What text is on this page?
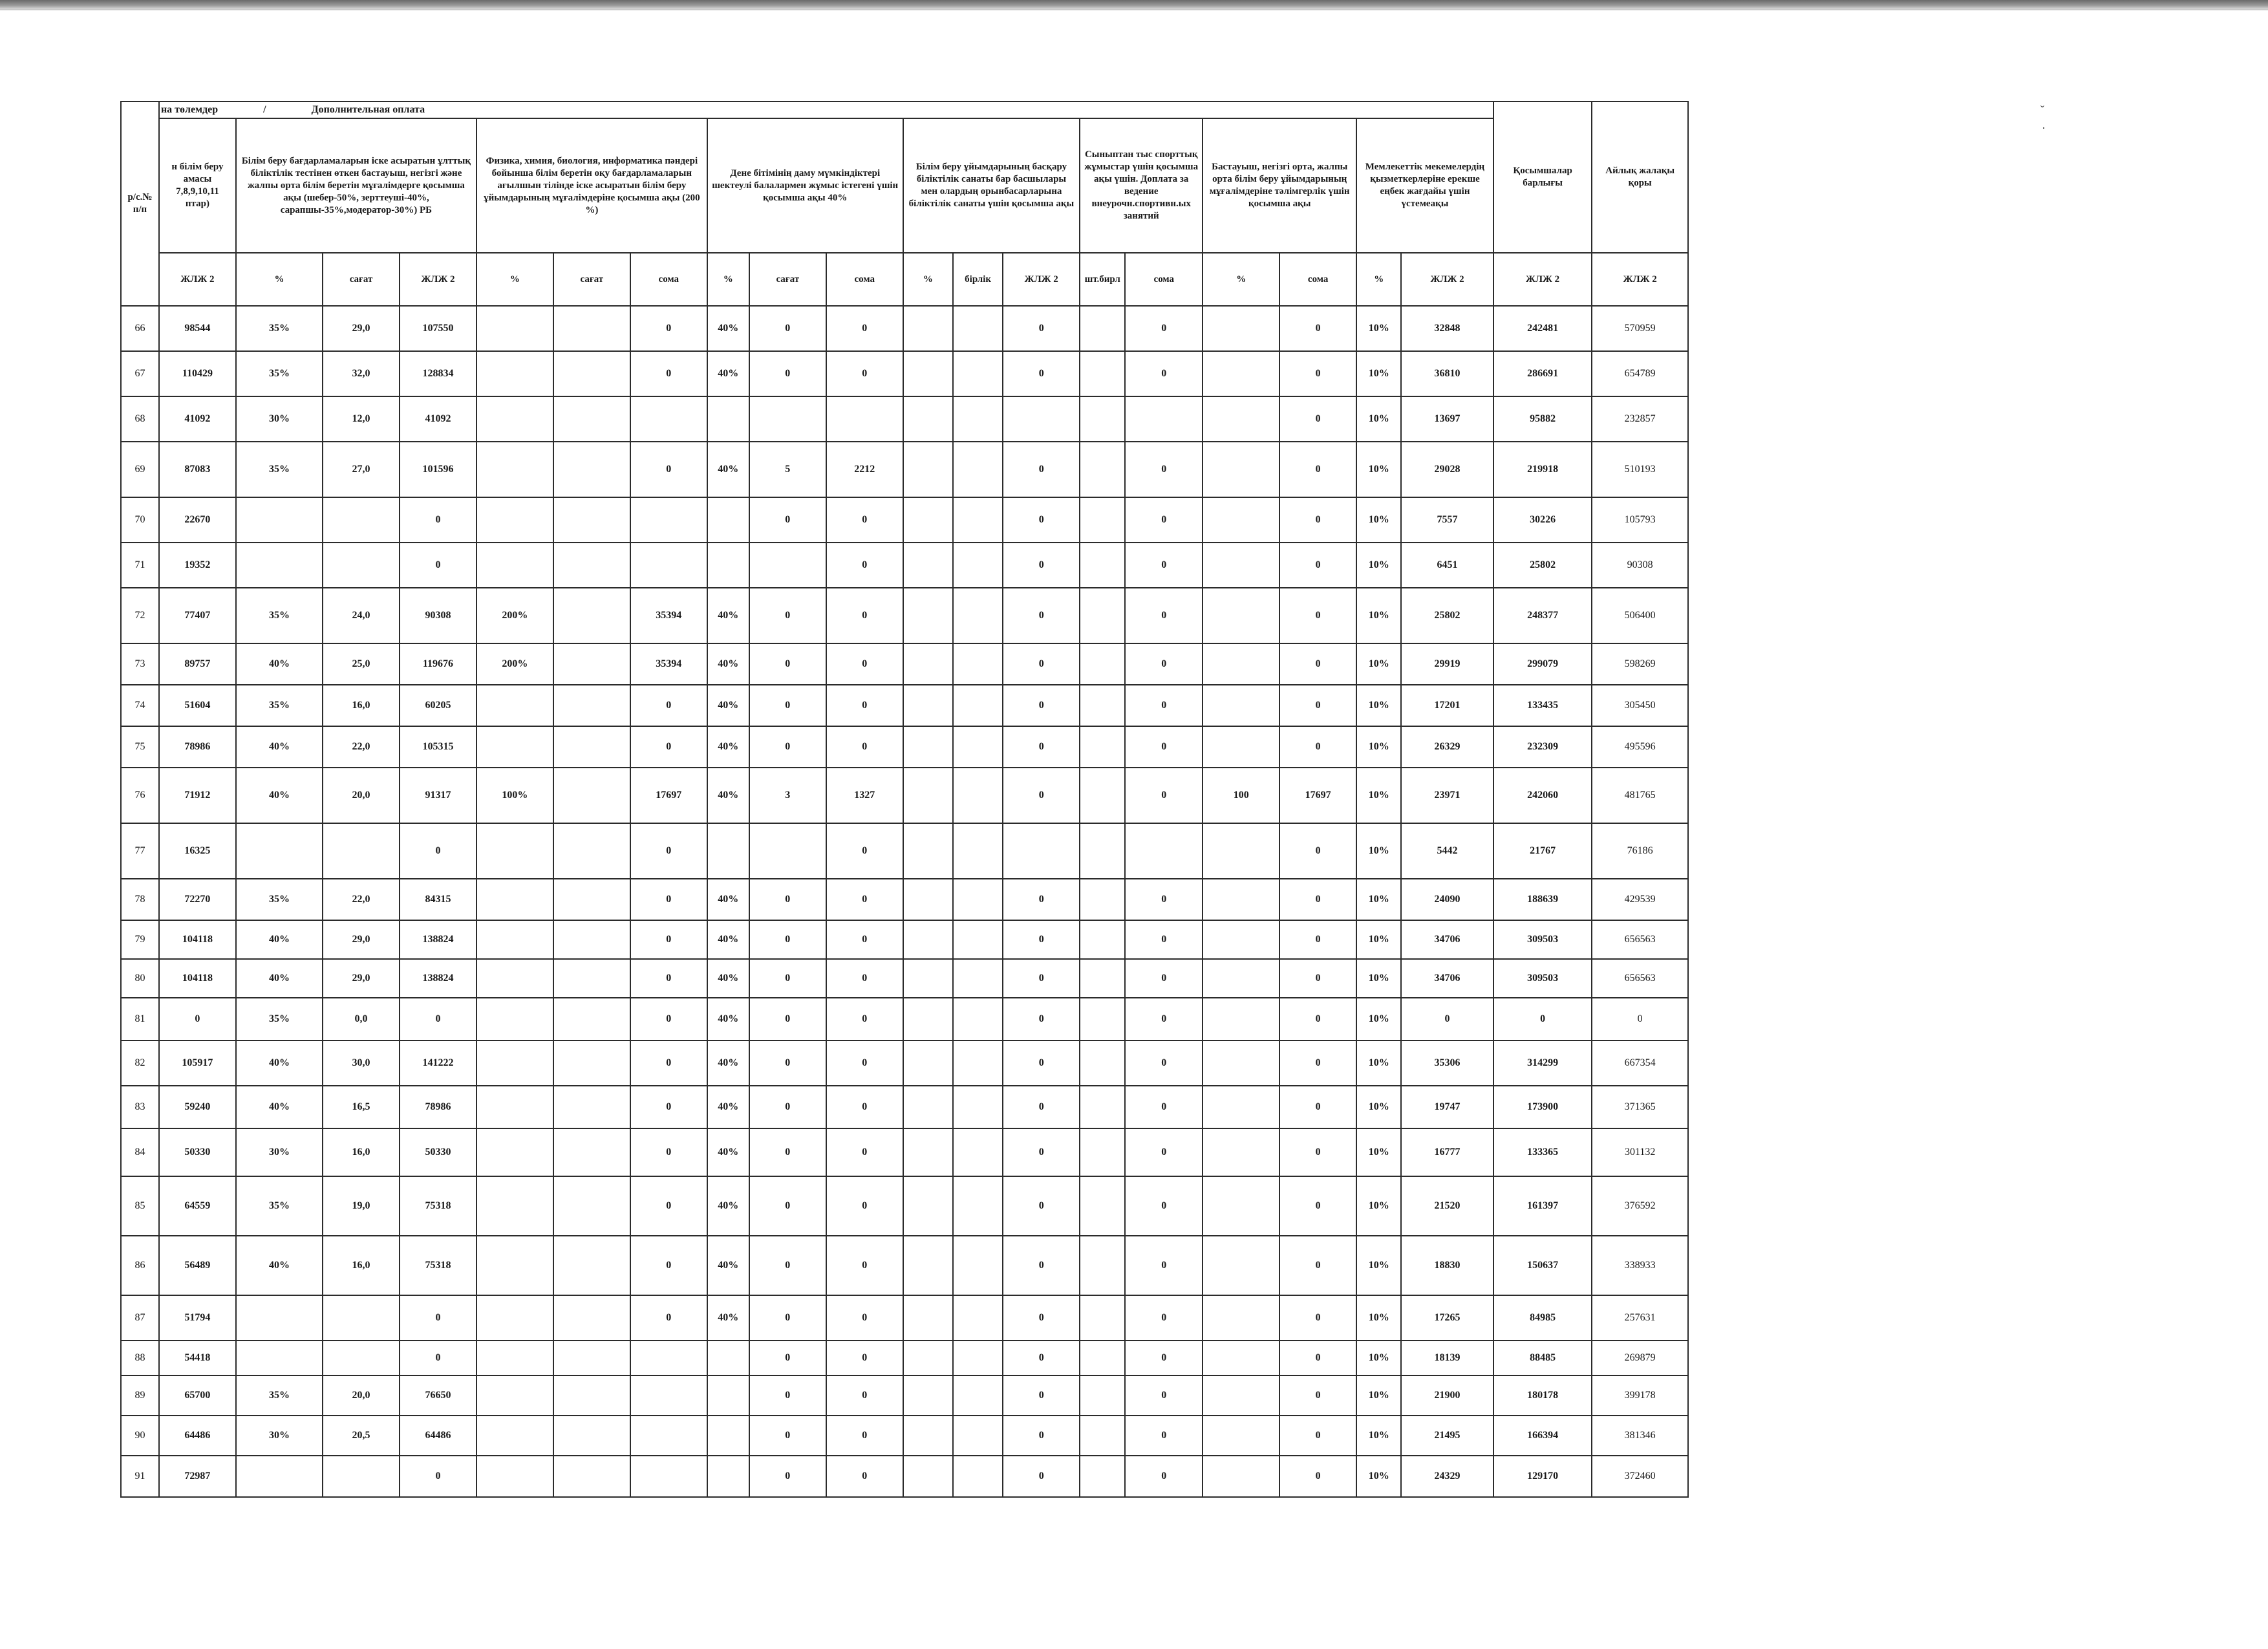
ˇ
·
р/с.№ п/п	на төлемдер / Дополнительная оплата																			Қосымшалар барлығы	Айлық жалақы қоры
	н білім беру амасы 7,8,9,10,11 птар)	Білім беру бағдарламаларын іске асыратын ұлттық біліктілік тестінен өткен бастауыш, негізгі және жалпы орта білім беретін мұғалімдерге қосымша ақы (шебер-50%, зерттеуші-40%, сарапшы-35%,модератор-30%) РБ			Физика, химия, биология, информатика пәндері бойынша білім беретін оқу бағдарламаларын ағылшын тілінде іске асыратын білім беру ұйымдарының мұғалімдеріне қосымша ақы (200 %)			Дене бітімінің даму мүмкіндіктері шектеулі балалармен жұмыс істегені үшін қосымша ақы 40%			Білім беру ұйымдарының басқару біліктілік санаты бар басшылары мен олардың орынбасарларына біліктілік санаты үшін қосымша ақы			Сыныптан тыс спорттық жұмыстар үшін қосымша ақы үшін. Доплата за ведение внеурочн.спортивн.ых занятий		Бастауыш, негізгі орта, жалпы орта білім беру ұйымдарының мұғалімдеріне тәлімгерлік үшін қосымша ақы		Мемлекеттік мекемелердің қызметкерлеріне ерекше еңбек жағдайы үшін үстемеақы			
	ЖЛЖ 2	%	сағат	ЖЛЖ 2	%	сағат	сома	%	сағат	сома	%	бірлік	ЖЛЖ 2	шт.бирл	сома	%	сома	%	ЖЛЖ 2	ЖЛЖ 2	ЖЛЖ 2
66	98544	35%	29,0	107550			0	40%	0	0			0		0		0	10%	32848	242481	570959
67	110429	35%	32,0	128834			0	40%	0	0			0		0		0	10%	36810	286691	654789
68	41092	30%	12,0	41092													0	10%	13697	95882	232857
69	87083	35%	27,0	101596			0	40%	5	2212			0		0		0	10%	29028	219918	510193
70	22670			0					0	0			0		0		0	10%	7557	30226	105793
71	19352			0						0			0		0		0	10%	6451	25802	90308
72	77407	35%	24,0	90308	200%		35394	40%	0	0			0		0		0	10%	25802	248377	506400
73	89757	40%	25,0	119676	200%		35394	40%	0	0			0		0		0	10%	29919	299079	598269
74	51604	35%	16,0	60205			0	40%	0	0			0		0		0	10%	17201	133435	305450
75	78986	40%	22,0	105315			0	40%	0	0			0		0		0	10%	26329	232309	495596
76	71912	40%	20,0	91317	100%		17697	40%	3	1327			0		0	100	17697	10%	23971	242060	481765
77	16325			0			0			0							0	10%	5442	21767	76186
78	72270	35%	22,0	84315			0	40%	0	0			0		0		0	10%	24090	188639	429539
79	104118	40%	29,0	138824			0	40%	0	0			0		0		0	10%	34706	309503	656563
80	104118	40%	29,0	138824			0	40%	0	0			0		0		0	10%	34706	309503	656563
81	0	35%	0,0	0			0	40%	0	0			0		0		0	10%	0	0	0
82	105917	40%	30,0	141222			0	40%	0	0			0		0		0	10%	35306	314299	667354
83	59240	40%	16,5	78986			0	40%	0	0			0		0		0	10%	19747	173900	371365
84	50330	30%	16,0	50330			0	40%	0	0			0		0		0	10%	16777	133365	301132
85	64559	35%	19,0	75318			0	40%	0	0			0		0		0	10%	21520	161397	376592
86	56489	40%	16,0	75318			0	40%	0	0			0		0		0	10%	18830	150637	338933
87	51794			0			0	40%	0	0			0		0		0	10%	17265	84985	257631
88	54418			0					0	0			0		0		0	10%	18139	88485	269879
89	65700	35%	20,0	76650					0	0			0		0		0	10%	21900	180178	399178
90	64486	30%	20,5	64486					0	0			0		0		0	10%	21495	166394	381346
91	72987			0					0	0			0		0		0	10%	24329	129170	372460
